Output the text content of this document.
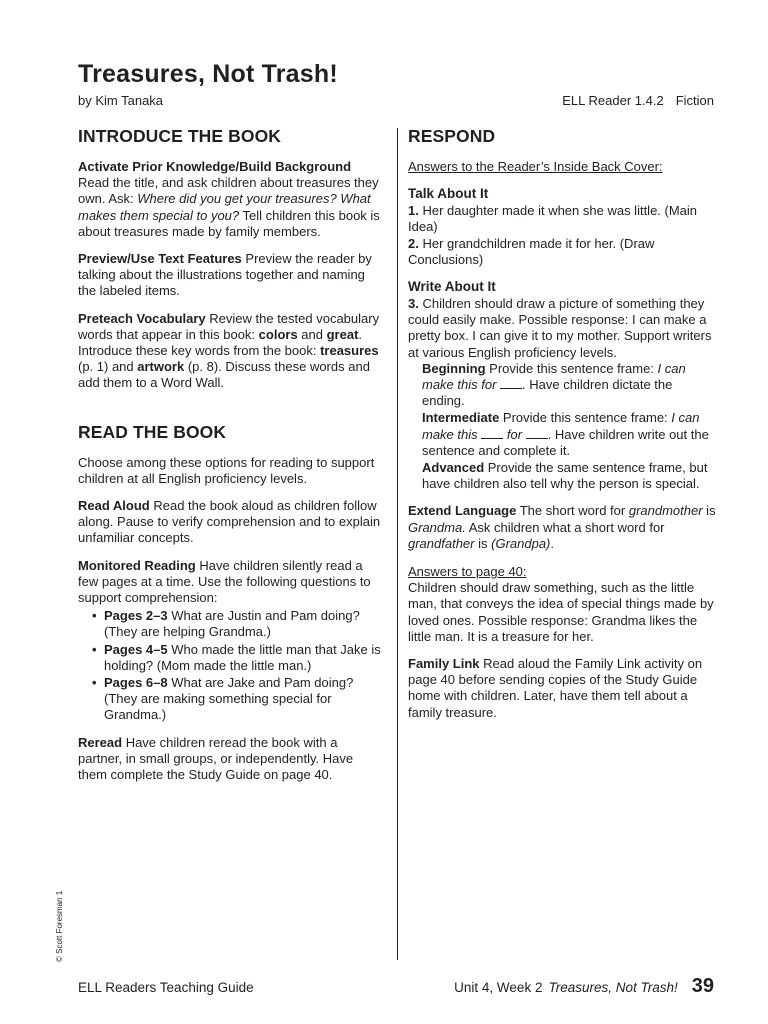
Treasures, Not Trash!
by Kim Tanaka	ELL Reader 1.4.2 Fiction
INTRODUCE THE BOOK

Activate Prior Knowledge/Build Background Read the title, and ask children about treasures they own. Ask: Where did you get your treasures? What makes them special to you? Tell children this book is about treasures made by family members.

Preview/Use Text Features Preview the reader by talking about the illustrations together and naming the labeled items.

Preteach Vocabulary Review the tested vocabulary words that appear in this book: colors and great. Introduce these key words from the book: treasures (p. 1) and artwork (p. 8). Discuss these words and add them to a Word Wall.

READ THE BOOK

Choose among these options for reading to support children at all English proficiency levels.

Read Aloud Read the book aloud as children follow along. Pause to verify comprehension and to explain unfamiliar concepts.

Monitored Reading Have children silently read a few pages at a time. Use the following questions to support comprehension:

• Pages 2–3 What are Justin and Pam doing? (They are helping Grandma.)
• Pages 4–5 Who made the little man that Jake is holding? (Mom made the little man.)
• Pages 6–8 What are Jake and Pam doing? (They are making something special for Grandma.)

Reread Have children reread the book with a partner, in small groups, or independently. Have them complete the Study Guide on page 40.

RESPOND

Answers to the Reader’s Inside Back Cover:

Talk About It

1. Her daughter made it when she was little. (Main Idea)

2. Her grandchildren made it for her. (Draw Conclusions)

Write About It

3. Children should draw a picture of something they could easily make. Possible response: I can make a pretty box. I can give it to my mother. Support writers at various English proficiency levels.

Beginning Provide this sentence frame: I can make this for . Have children dictate the ending.
Intermediate Provide this sentence frame: I can make this for . Have children write out the sentence and complete it.
Advanced Provide the same sentence frame, but have children also tell why the person is special.

Extend Language The short word for grandmother is Grandma. Ask children what a short word for grandfather is (Grandpa).

Answers to page 40:

Children should draw something, such as the little man, that conveys the idea of special things made by loved ones. Possible response: Grandma likes the little man. It is a treasure for her.

Family Link Read aloud the Family Link activity on page 40 before sending copies of the Study Guide home with children. Later, have them tell about a family treasure.

© Scott Foresman 1
ELL Readers Teaching Guide	Unit 4, Week 2 Treasures, Not Trash! 39
